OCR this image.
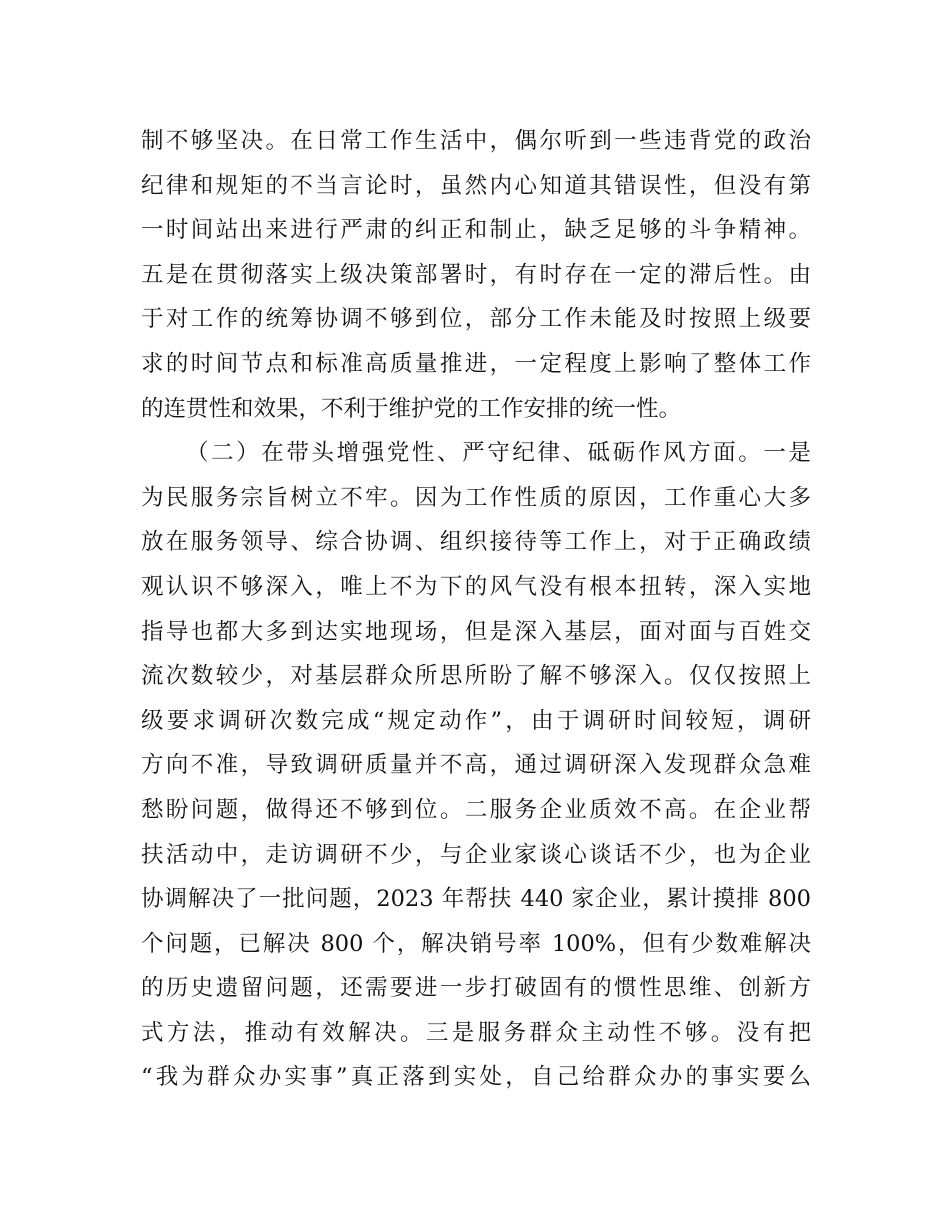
制不够坚决。在日常工作生活中，偶尔听到一些违背党的政治
纪律和规矩的不当言论时，虽然内心知道其错误性，但没有第
一时间站出来进行严肃的纠正和制止，缺乏足够的斗争精神。
五是在贯彻落实上级决策部署时，有时存在一定的滞后性。由
于对工作的统筹协调不够到位，部分工作未能及时按照上级要
求的时间节点和标准高质量推进，一定程度上影响了整体工作
的连贯性和效果，不利于维护党的工作安排的统一性。
（二）在带头增强党性、严守纪律、砥砺作风方面。一是
为民服务宗旨树立不牢。因为工作性质的原因，工作重心大多
放在服务领导、综合协调、组织接待等工作上，对于正确政绩
观认识不够深入，唯上不为下的风气没有根本扭转，深入实地
指导也都大多到达实地现场，但是深入基层，面对面与百姓交
流次数较少，对基层群众所思所盼了解不够深入。仅仅按照上
级要求调研次数完成“规定动作”，由于调研时间较短，调研
方向不准，导致调研质量并不高，通过调研深入发现群众急难
愁盼问题，做得还不够到位。二服务企业质效不高。在企业帮
扶活动中，走访调研不少，与企业家谈心谈话不少，也为企业
协调解决了一批问题，2023 年帮扶 440 家企业，累计摸排 800
个问题，已解决 800 个，解决销号率 100%，但有少数难解决
的历史遗留问题，还需要进一步打破固有的惯性思维、创新方
式方法，推动有效解决。三是服务群众主动性不够。没有把
“我为群众办实事”真正落到实处，自己给群众办的事实要么
